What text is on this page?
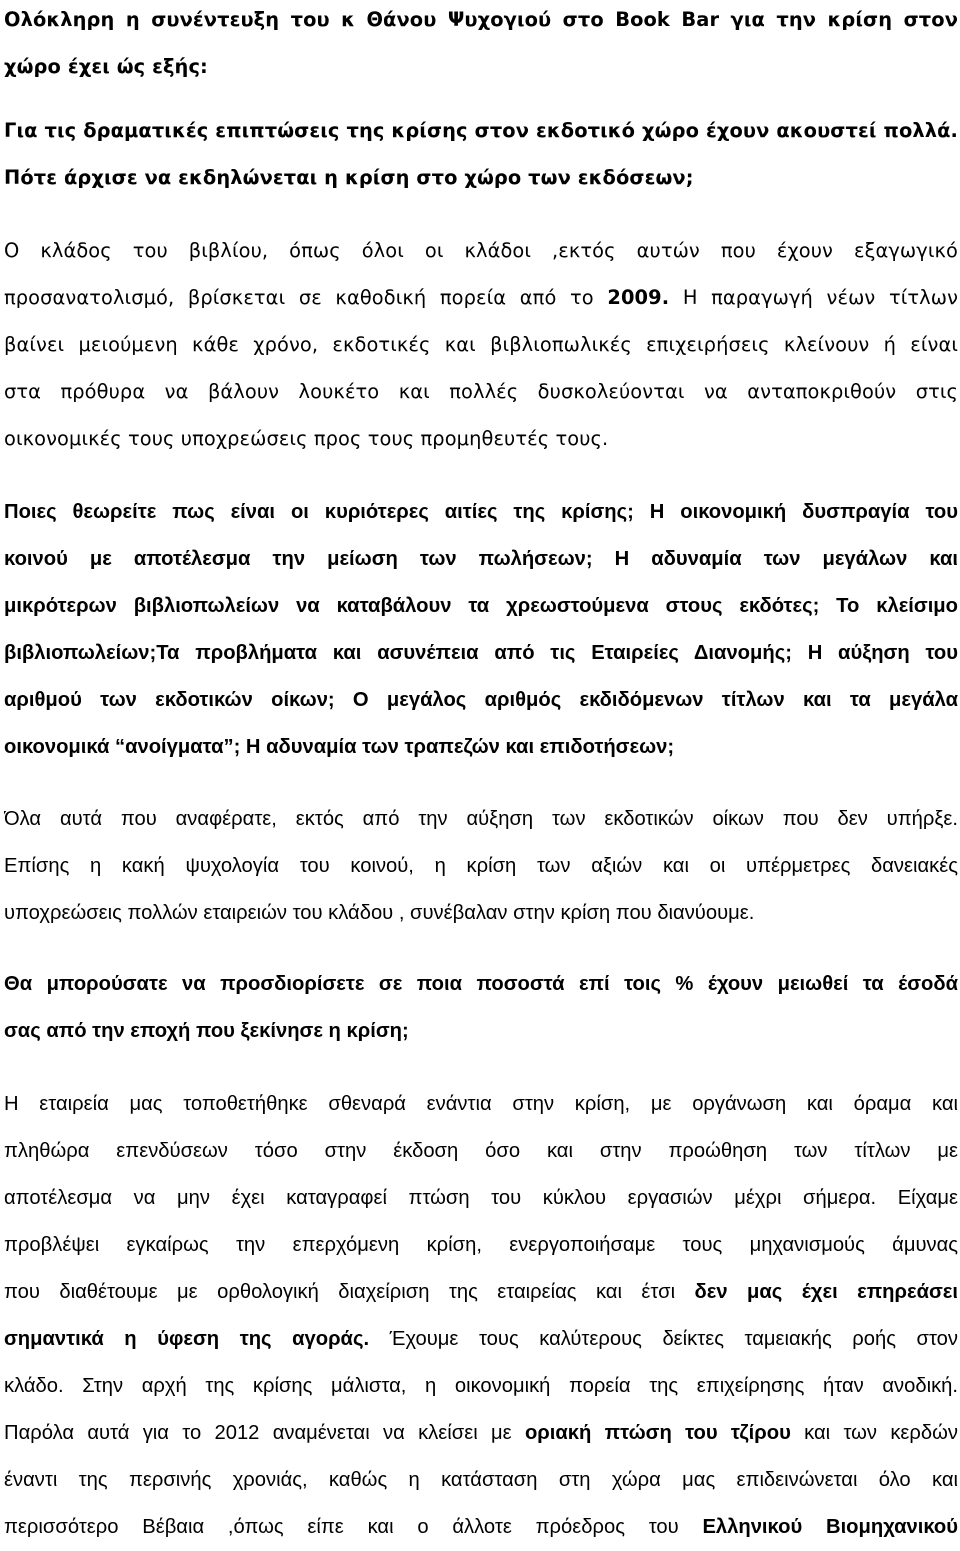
Ολόκληρη η συνέντευξη του κ Θάνου Ψυχογιού στο Book Bar για την κρίση στον
χώρο έχει ώς εξής:
Για τις δραματικές επιπτώσεις της κρίσης στον εκδοτικό χώρο έχουν ακουστεί πολλά.
Πότε άρχισε να εκδηλώνεται η κρίση στο χώρο των εκδόσεων;
Ο κλάδος του βιβλίου, όπως όλοι οι κλάδοι ,εκτός αυτών που έχουν εξαγωγικό
προσανατολισμό, βρίσκεται σε καθοδική πορεία από το 2009. Η παραγωγή νέων τίτλων
βαίνει μειούμενη κάθε χρόνο, εκδοτικές και βιβλιοπωλικές επιχειρήσεις κλείνουν ή είναι
στα πρόθυρα να βάλουν λουκέτο και πολλές δυσκολεύονται να ανταποκριθούν στις
οικονομικές τους υποχρεώσεις προς τους προμηθευτές τους.
Ποιες θεωρείτε πως είναι οι κυριότερες αιτίες της κρίσης; Η οικονομική δυσπραγία του
κοινού με αποτέλεσμα την μείωση των πωλήσεων; Η αδυναμία των μεγάλων και
μικρότερων βιβλιοπωλείων να καταβάλουν τα χρεωστούμενα στους εκδότες; Το κλείσιμο
βιβλιοπωλείων;Τα προβλήματα και ασυνέπεια από τις Εταιρείες Διανομής; Η αύξηση του
αριθμού των εκδοτικών οίκων; Ο μεγάλος αριθμός εκδιδόμενων τίτλων και τα μεγάλα
οικονομικά “ανοίγματα”; Η αδυναμία των τραπεζών και επιδοτήσεων;
Όλα αυτά που αναφέρατε, εκτός από την αύξηση των εκδοτικών οίκων που δεν υπήρξε.
Επίσης η κακή ψυχολογία του κοινού, η κρίση των αξιών και οι υπέρμετρες δανειακές
υποχρεώσεις πολλών εταιρειών του κλάδου , συνέβαλαν στην κρίση που διανύουμε.
Θα μπορούσατε να προσδιορίσετε σε ποια ποσοστά επί τοις % έχουν μειωθεί τα έσοδά
σας από την εποχή που ξεκίνησε η κρίση;
Η εταιρεία μας τοποθετήθηκε σθεναρά ενάντια στην κρίση, με οργάνωση και όραμα και
πληθώρα επενδύσεων τόσο στην έκδοση όσο και στην προώθηση των τίτλων με
αποτέλεσμα να μην έχει καταγραφεί πτώση του κύκλου εργασιών μέχρι σήμερα. Είχαμε
προβλέψει εγκαίρως την επερχόμενη κρίση, ενεργοποιήσαμε τους μηχανισμούς άμυνας
που διαθέτουμε με ορθολογική διαχείριση της εταιρείας και έτσι δεν μας έχει επηρεάσει
σημαντικά η ύφεση της αγοράς. Έχουμε τους καλύτερους δείκτες ταμειακής ροής στον
κλάδο. Στην αρχή της κρίσης μάλιστα, η οικονομική πορεία της επιχείρησης ήταν ανοδική.
Παρόλα αυτά για το 2012 αναμένεται να κλείσει με οριακή πτώση του τζίρου και των κερδών
έναντι της περσινής χρονιάς, καθώς η κατάσταση στη χώρα μας επιδεινώνεται όλο και
περισσότερο Βέβαια ,όπως είπε και ο άλλοτε πρόεδρος του Ελληνικού Βιομηχανικού
